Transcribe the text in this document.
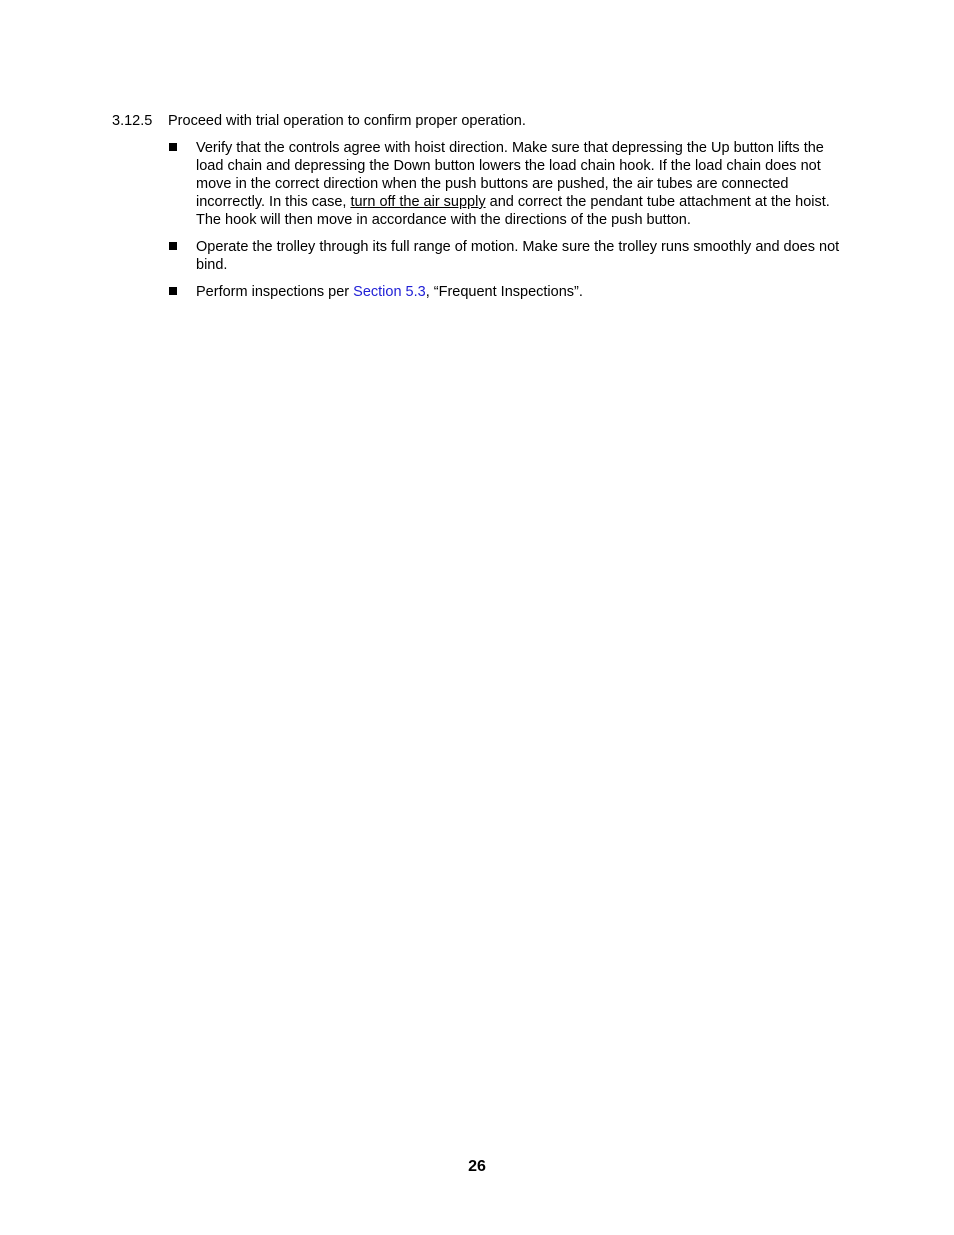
3.12.5	Proceed with trial operation to confirm proper operation.
Verify that the controls agree with hoist direction. Make sure that depressing the Up button lifts the load chain and depressing the Down button lowers the load chain hook. If the load chain does not move in the correct direction when the push buttons are pushed, the air tubes are connected incorrectly. In this case, turn off the air supply and correct the pendant tube attachment at the hoist. The hook will then move in accordance with the directions of the push button.
Operate the trolley through its full range of motion. Make sure the trolley runs smoothly and does not bind.
Perform inspections per Section 5.3, “Frequent Inspections”.
26
